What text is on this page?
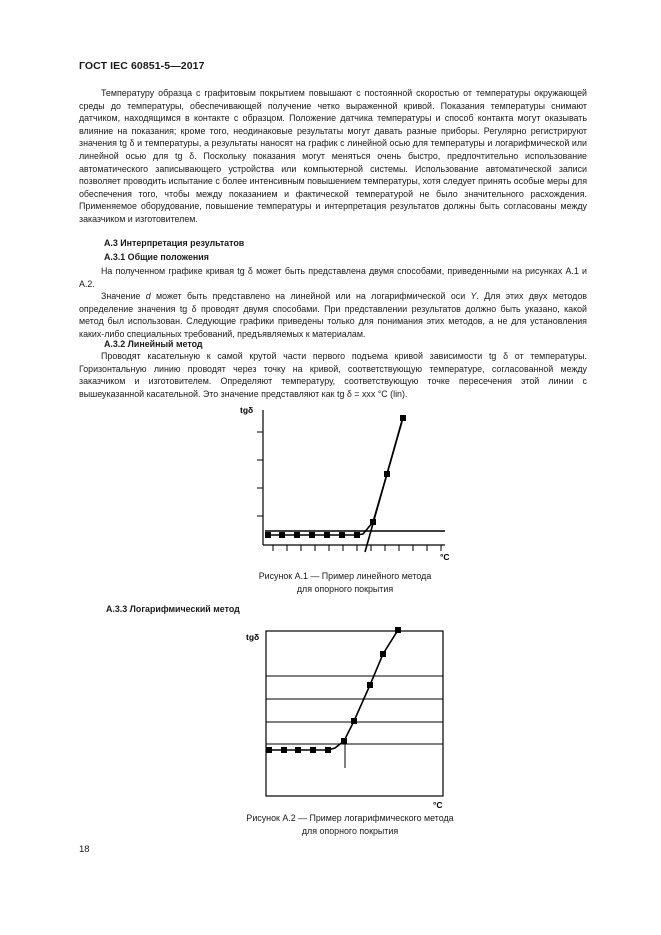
ГОСТ IEC 60851-5—2017

Температуру образца с графитовым покрытием повышают с постоянной скоростью от температуры окружающей среды до температуры, обеспечивающей получение четко выраженной кривой. Показания температуры снимают датчиком, находящимся в контакте с образцом. Положение датчика температуры и способ контакта могут оказывать влияние на показания; кроме того, неодинаковые результаты могут давать разные приборы. Регулярно регистрируют значения tg δ и температуры, а результаты наносят на график с линейной осью для температуры и логарифмической или линейной осью для tg δ. Поскольку показания могут меняться очень быстро, предпочтительно использование автоматического записывающего устройства или компьютерной системы. Использование автоматической записи позволяет проводить испытание с более интенсивным повышением температуры, хотя следует принять особые меры для обеспечения того, чтобы между показанием и фактической температурой не было значительного расхождения. Применяемое оборудование, повышение температуры и интерпретация результатов должны быть согласованы между заказчиком и изготовителем.

А.3 Интерпретация результатов
А.3.1 Общие положения

На полученном графике кривая tg δ может быть представлена двумя способами, приведенными на рисунках А.1 и А.2.

Значение d может быть представлено на линейной или на логарифмической оси Y. Для этих двух методов определение значения tg δ проводят двумя способами. При представлении результатов должно быть указано, какой метод был использован. Следующие графики приведены только для понимания этих методов, а не для установления каких-либо специальных требований, предъявляемых к материалам.

А.3.2 Линейный метод

Проводят касательную к самой крутой части первого подъема кривой зависимости tg δ от температуры. Горизонтальную линию проводят через точку на кривой, соответствующую температуре, согласованной между заказчиком и изготовителем. Определяют температуру, соответствующую точке пересечения этой линии с вышеуказанной касательной. Это значение представляют как tg δ = xxx °C (lin).

tgδ
°C
Рисунок А.1 — Пример линейного метода
для опорного покрытия
А.3.3 Логарифмический метод
tgδ
°C
Рисунок А.2 — Пример логарифмического метода
для опорного покрытия
18
